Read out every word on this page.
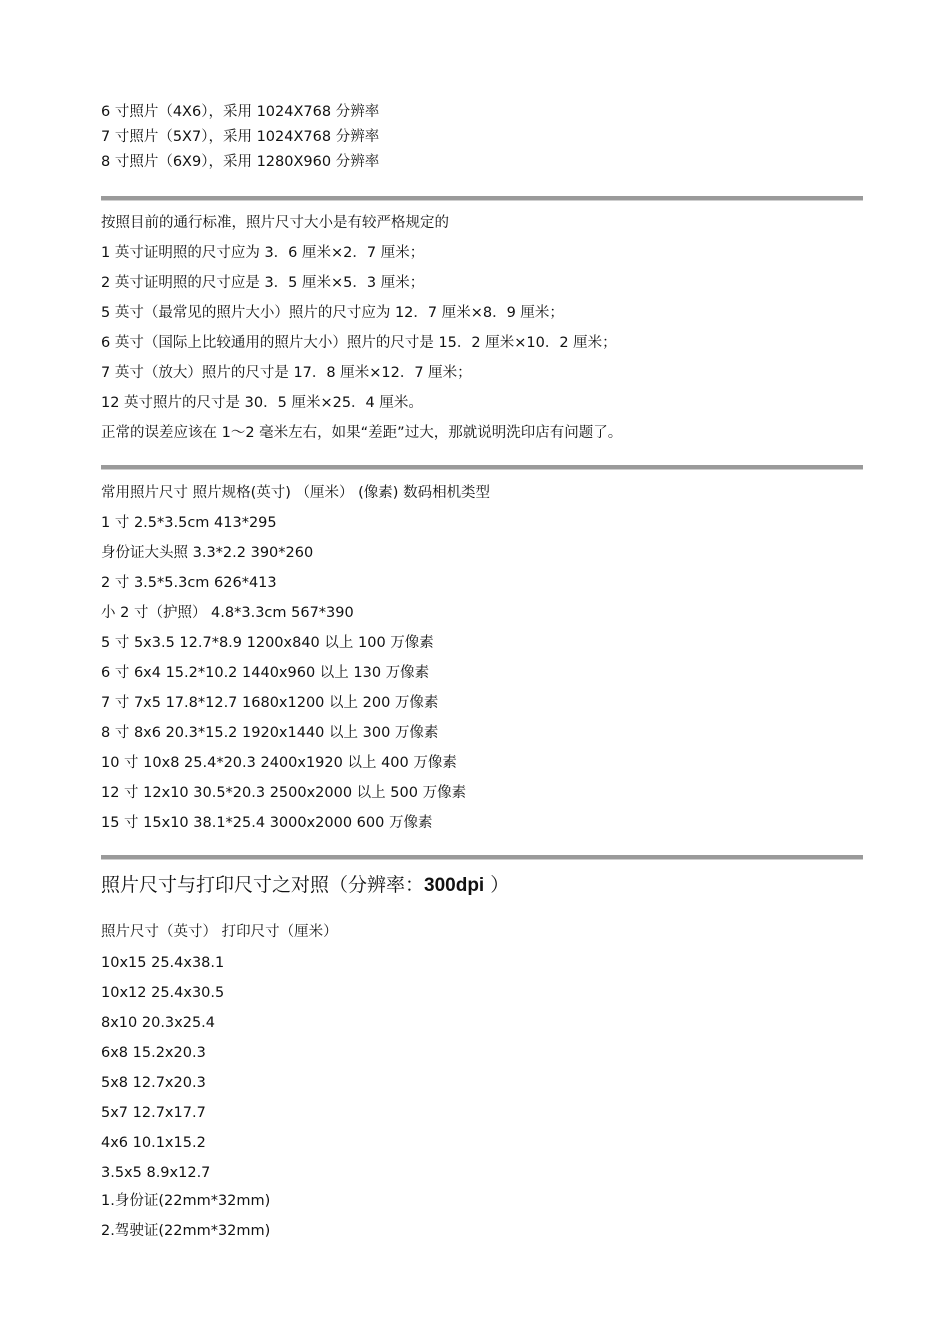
6 寸照片（4X6），采用 1024X768 分辨率
7 寸照片（5X7），采用 1024X768 分辨率
8 寸照片（6X9），采用 1280X960 分辨率
按照目前的通行标准，照片尺寸大小是有较严格规定的
1 英寸证明照的尺寸应为 3．6 厘米×2．7 厘米；
2 英寸证明照的尺寸应是 3．5 厘米×5．3 厘米；
5 英寸（最常见的照片大小）照片的尺寸应为 12．7 厘米×8．9 厘米；
6 英寸（国际上比较通用的照片大小）照片的尺寸是 15．2 厘米×10．2 厘米；
7 英寸（放大）照片的尺寸是 17．8 厘米×12．7 厘米；
12 英寸照片的尺寸是 30．5 厘米×25．4 厘米。
正常的误差应该在 1～2 毫米左右，如果“差距”过大，那就说明洗印店有问题了。
常用照片尺寸 照片规格(英寸) （厘米） (像素) 数码相机类型
1 寸 2.5*3.5cm 413*295
身份证大头照 3.3*2.2 390*260
2 寸 3.5*5.3cm 626*413
小 2 寸（护照） 4.8*3.3cm 567*390
5 寸 5x3.5 12.7*8.9 1200x840 以上 100 万像素
6 寸 6x4 15.2*10.2 1440x960 以上 130 万像素
7 寸 7x5 17.8*12.7 1680x1200 以上 200 万像素
8 寸 8x6 20.3*15.2 1920x1440 以上 300 万像素
10 寸 10x8 25.4*20.3 2400x1920 以上 400 万像素
12 寸 12x10 30.5*20.3 2500x2000 以上 500 万像素
15 寸 15x10 38.1*25.4 3000x2000 600 万像素
照片尺寸与打印尺寸之对照（分辨率：300dpi ）
照片尺寸（英寸） 打印尺寸（厘米）
10x15 25.4x38.1
10x12 25.4x30.5
8x10 20.3x25.4
6x8 15.2x20.3
5x8 12.7x20.3
5x7 12.7x17.7
4x6 10.1x15.2
3.5x5 8.9x12.7
1.身份证(22mm*32mm)
2.驾驶证(22mm*32mm)
